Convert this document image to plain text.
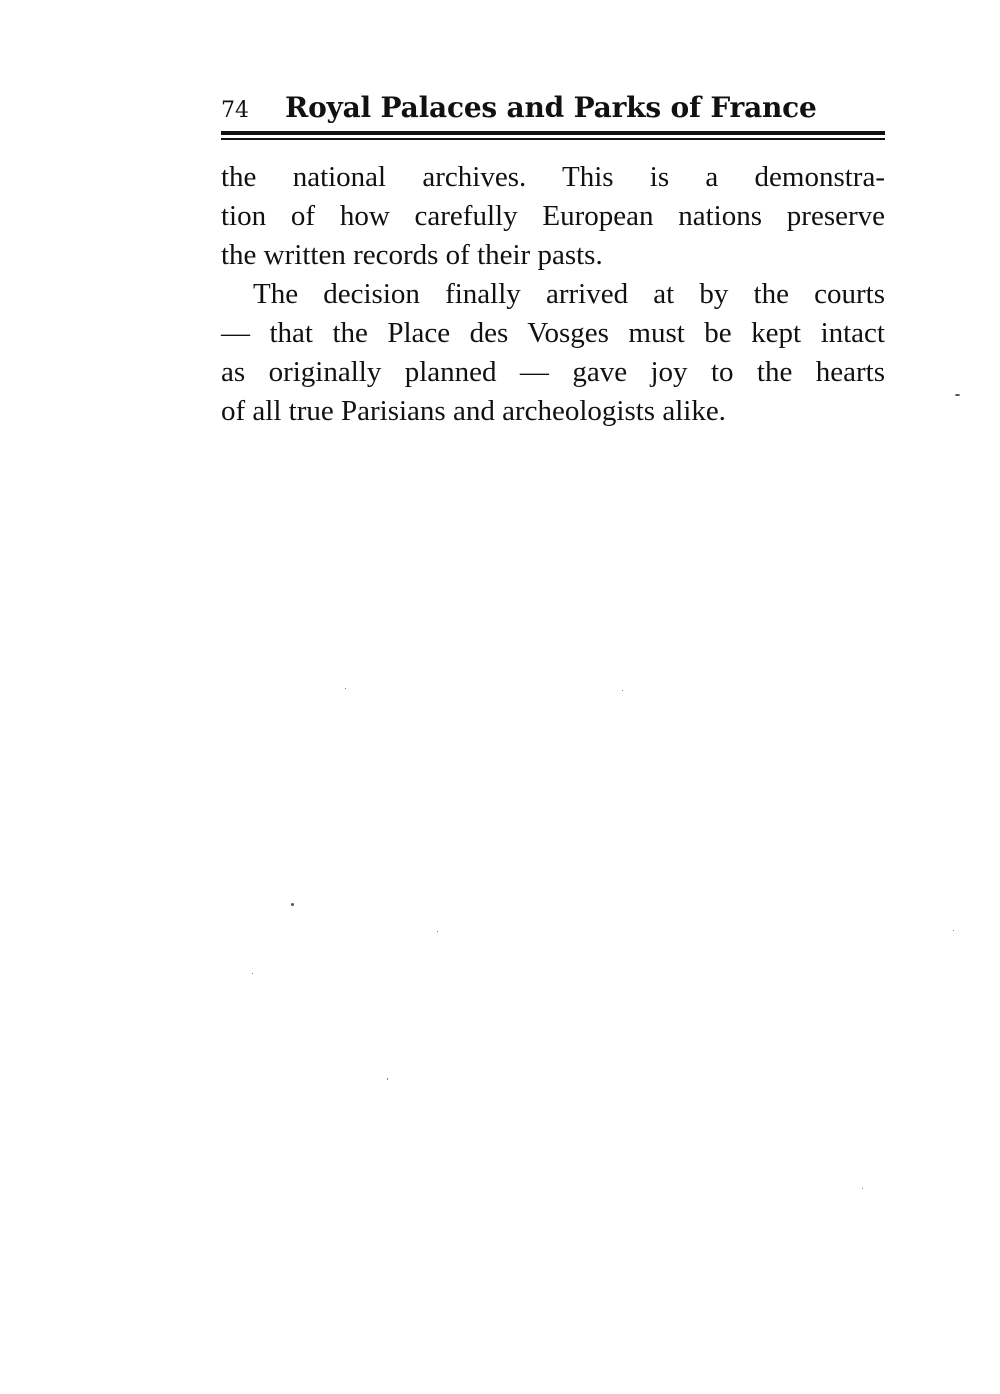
74	Royal Palaces and Parks of France
the national archives. This is a demonstra-
tion of how carefully European nations preserve
the written records of their pasts.
The decision finally arrived at by the courts
— that the Place des Vosges must be kept intact
as originally planned — gave joy to the hearts
of all true Parisians and archeologists alike.
